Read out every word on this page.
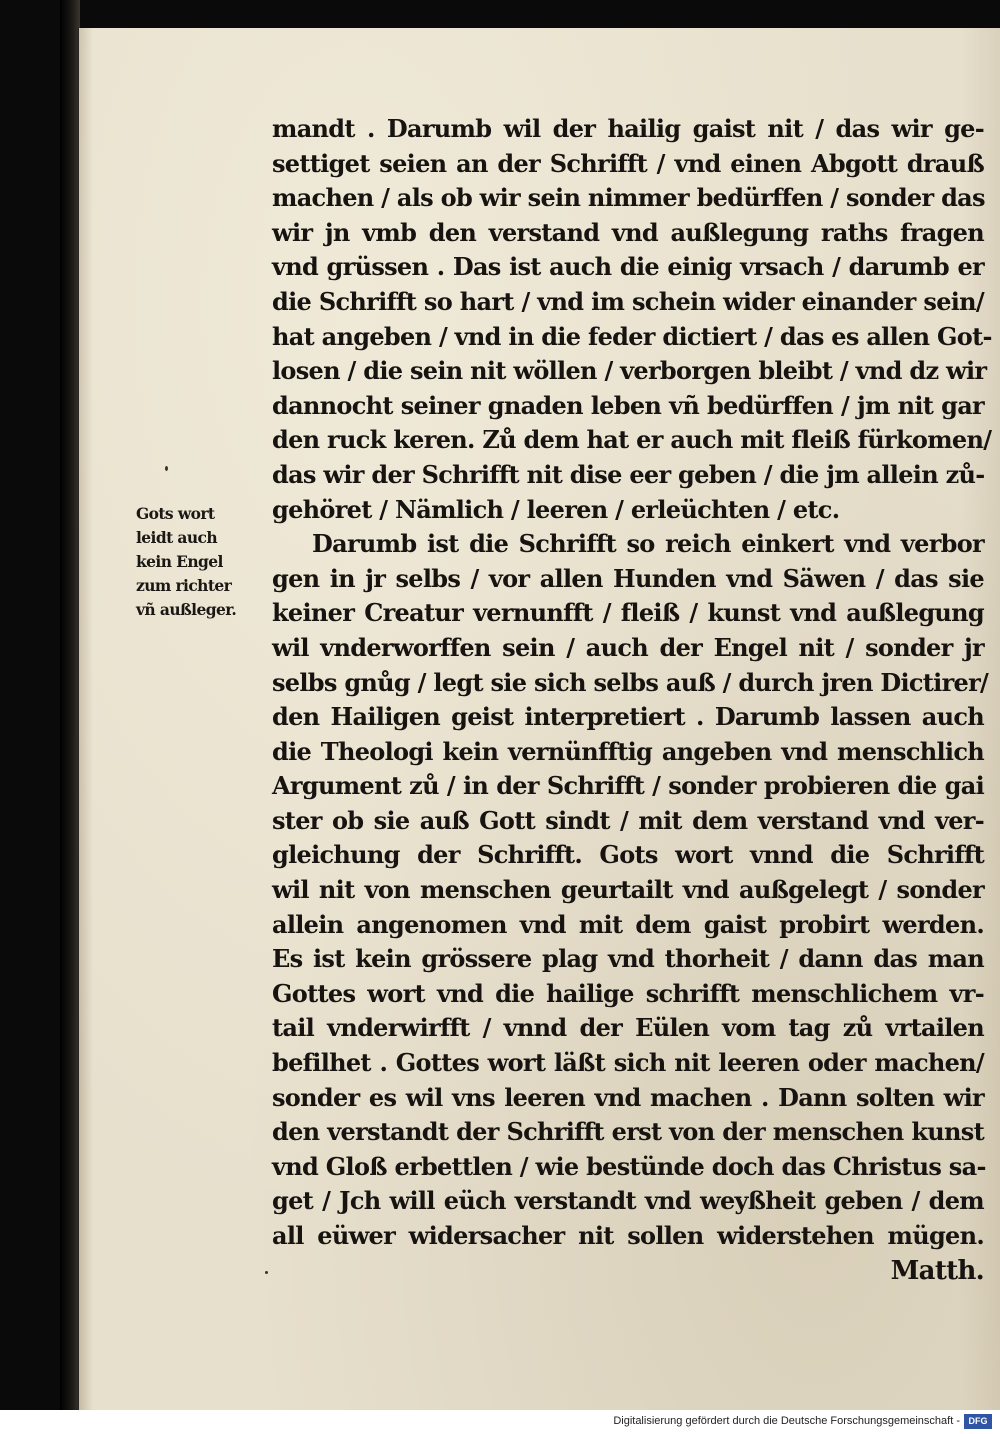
Gots wort
leidt auch
kein Engel
zum richter
vñ außleger.
mandt . Darumb wil der hailig gaist nit / das wir ge-
settiget seien an der Schrifft / vnd einen Abgott drauß
machen / als ob wir sein nimmer bedürffen / sonder das
wir jn vmb den verstand vnd außlegung raths fragen
vnd grüssen . Das ist auch die einig vrsach / darumb er
die Schrifft so hart / vnd im schein wider einander sein/
hat angeben / vnd in die feder dictiert / das es allen Got-
losen / die sein nit wöllen / verborgen bleibt / vnd dz wir
dannocht seiner gnaden leben vñ bedürffen / jm nit gar
den ruck keren. Zů dem hat er auch mit fleiß fürkomen/
das wir der Schrifft nit dise eer geben / die jm allein zů-
gehöret / Nämlich / leeren / erleüchten / etc.
Darumb ist die Schrifft so reich einkert vnd verbor
gen in jr selbs / vor allen Hunden vnd Säwen / das sie
keiner Creatur vernunfft / fleiß / kunst vnd außlegung
wil vnderworffen sein / auch der Engel nit / sonder jr
selbs gnůg / legt sie sich selbs auß / durch jren Dictirer/
den Hailigen geist interpretiert . Darumb lassen auch
die Theologi kein vernünfftig angeben vnd menschlich
Argument zů / in der Schrifft / sonder probieren die gai
ster ob sie auß Gott sindt / mit dem verstand vnd ver-
gleichung der Schrifft. Gots wort vnnd die Schrifft
wil nit von menschen geurtailt vnd außgelegt / sonder
allein angenomen vnd mit dem gaist probirt werden.
Es ist kein grössere plag vnd thorheit / dann das man
Gottes wort vnd die hailige schrifft menschlichem vr-
tail vnderwirfft / vnnd der Eülen vom tag zů vrtailen
befilhet . Gottes wort läßt sich nit leeren oder machen/
sonder es wil vns leeren vnd machen . Dann solten wir
den verstandt der Schrifft erst von der menschen kunst
vnd Gloß erbettlen / wie bestünde doch das Christus sa-
get / Jch will eüch verstandt vnd weyßheit geben / dem
all eüwer widersacher nit sollen widerstehen mügen.
Matth.
Digitalisierung gefördert durch die Deutsche Forschungsgemeinschaft - DFG
